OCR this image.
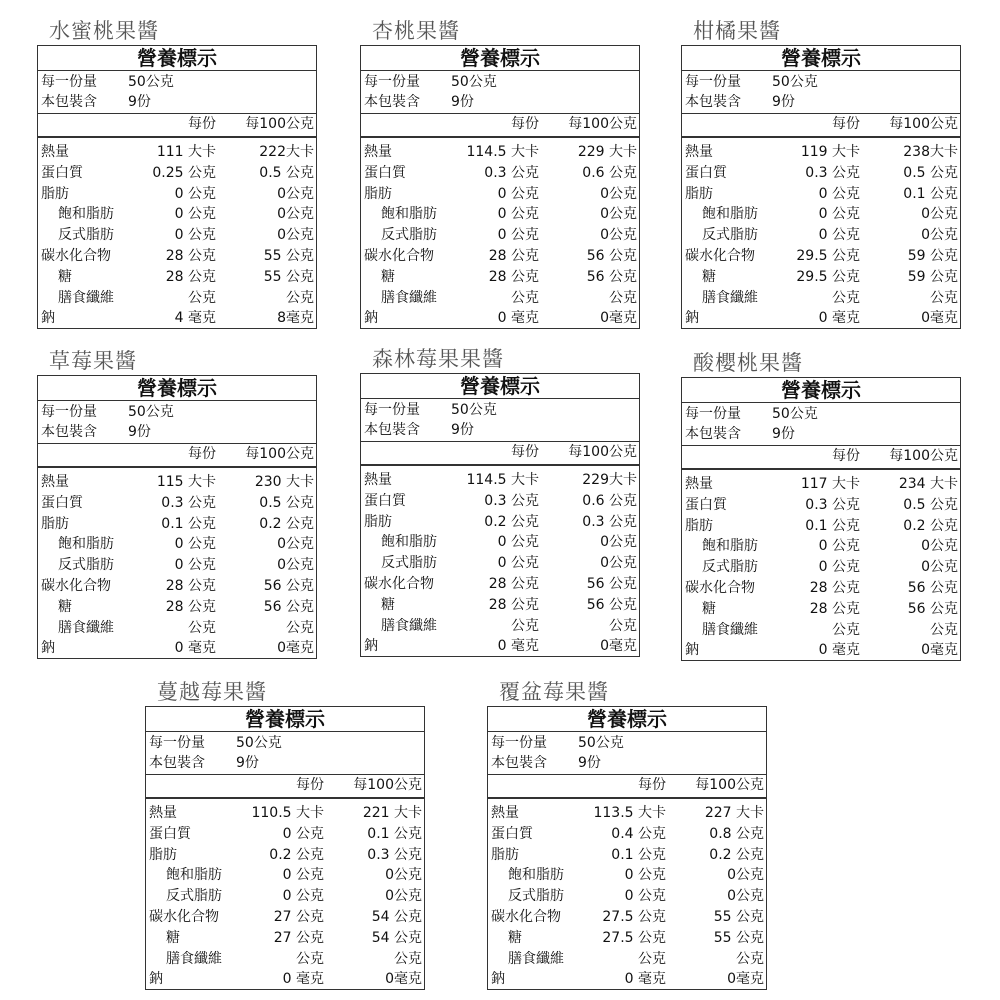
水蜜桃果醬
營養標示
每一份量 50公克
本包裝含 9份
每份 每100公克
熱量	111 大卡	222大卡
蛋白質	0.25 公克	0.5 公克
脂肪	0 公克	0公克
飽和脂肪	0 公克	0公克
反式脂肪	0 公克	0公克
碳水化合物	28 公克	55 公克
糖	28 公克	55 公克
膳食纖維	公克	公克
鈉	4 毫克	8毫克
杏桃果醬
營養標示
每一份量 50公克
本包裝含 9份
每份 每100公克
熱量	114.5 大卡	229 大卡
蛋白質	0.3 公克	0.6 公克
脂肪	0 公克	0公克
飽和脂肪	0 公克	0公克
反式脂肪	0 公克	0公克
碳水化合物	28 公克	56 公克
糖	28 公克	56 公克
膳食纖維	公克	公克
鈉	0 毫克	0毫克
柑橘果醬
營養標示
每一份量 50公克
本包裝含 9份
每份 每100公克
熱量	119 大卡	238大卡
蛋白質	0.3 公克	0.5 公克
脂肪	0 公克	0.1 公克
飽和脂肪	0 公克	0公克
反式脂肪	0 公克	0公克
碳水化合物	29.5 公克	59 公克
糖	29.5 公克	59 公克
膳食纖維	公克	公克
鈉	0 毫克	0毫克
草莓果醬
營養標示
每一份量 50公克
本包裝含 9份
每份 每100公克
熱量	115 大卡	230 大卡
蛋白質	0.3 公克	0.5 公克
脂肪	0.1 公克	0.2 公克
飽和脂肪	0 公克	0公克
反式脂肪	0 公克	0公克
碳水化合物	28 公克	56 公克
糖	28 公克	56 公克
膳食纖維	公克	公克
鈉	0 毫克	0毫克
森林莓果果醬
營養標示
每一份量 50公克
本包裝含 9份
每份 每100公克
熱量	114.5 大卡	229大卡
蛋白質	0.3 公克	0.6 公克
脂肪	0.2 公克	0.3 公克
飽和脂肪	0 公克	0公克
反式脂肪	0 公克	0公克
碳水化合物	28 公克	56 公克
糖	28 公克	56 公克
膳食纖維	公克	公克
鈉	0 毫克	0毫克
酸櫻桃果醬
營養標示
每一份量 50公克
本包裝含 9份
每份 每100公克
熱量	117 大卡	234 大卡
蛋白質	0.3 公克	0.5 公克
脂肪	0.1 公克	0.2 公克
飽和脂肪	0 公克	0公克
反式脂肪	0 公克	0公克
碳水化合物	28 公克	56 公克
糖	28 公克	56 公克
膳食纖維	公克	公克
鈉	0 毫克	0毫克
蔓越莓果醬
營養標示
每一份量 50公克
本包裝含 9份
每份 每100公克
熱量	110.5 大卡	221 大卡
蛋白質	0 公克	0.1 公克
脂肪	0.2 公克	0.3 公克
飽和脂肪	0 公克	0公克
反式脂肪	0 公克	0公克
碳水化合物	27 公克	54 公克
糖	27 公克	54 公克
膳食纖維	公克	公克
鈉	0 毫克	0毫克
覆盆莓果醬
營養標示
每一份量 50公克
本包裝含 9份
每份 每100公克
熱量	113.5 大卡	227 大卡
蛋白質	0.4 公克	0.8 公克
脂肪	0.1 公克	0.2 公克
飽和脂肪	0 公克	0公克
反式脂肪	0 公克	0公克
碳水化合物	27.5 公克	55 公克
糖	27.5 公克	55 公克
膳食纖維	公克	公克
鈉	0 毫克	0毫克
